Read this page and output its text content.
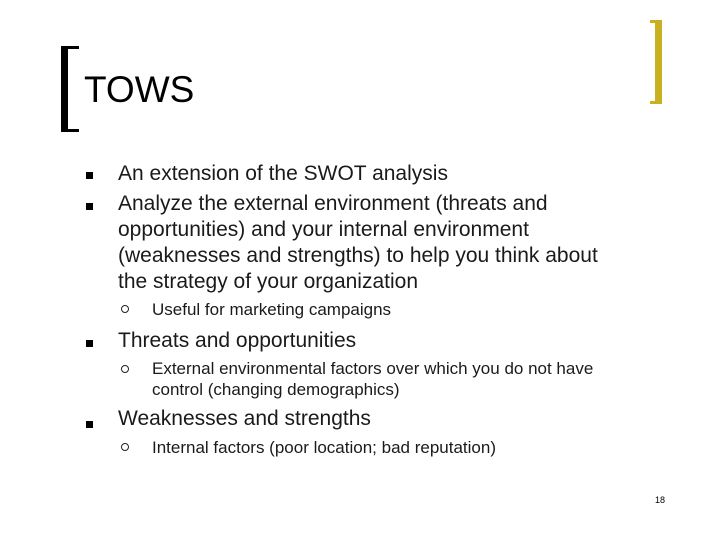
TOWS
An extension of the SWOT analysis
Analyze the external environment (threats and
opportunities) and your internal environment
(weaknesses and strengths) to help you think about
the strategy of your organization
Useful for marketing campaigns
Threats and opportunities
External environmental factors over which you do not have
control (changing demographics)
Weaknesses and strengths
Internal factors (poor location; bad reputation)
18
